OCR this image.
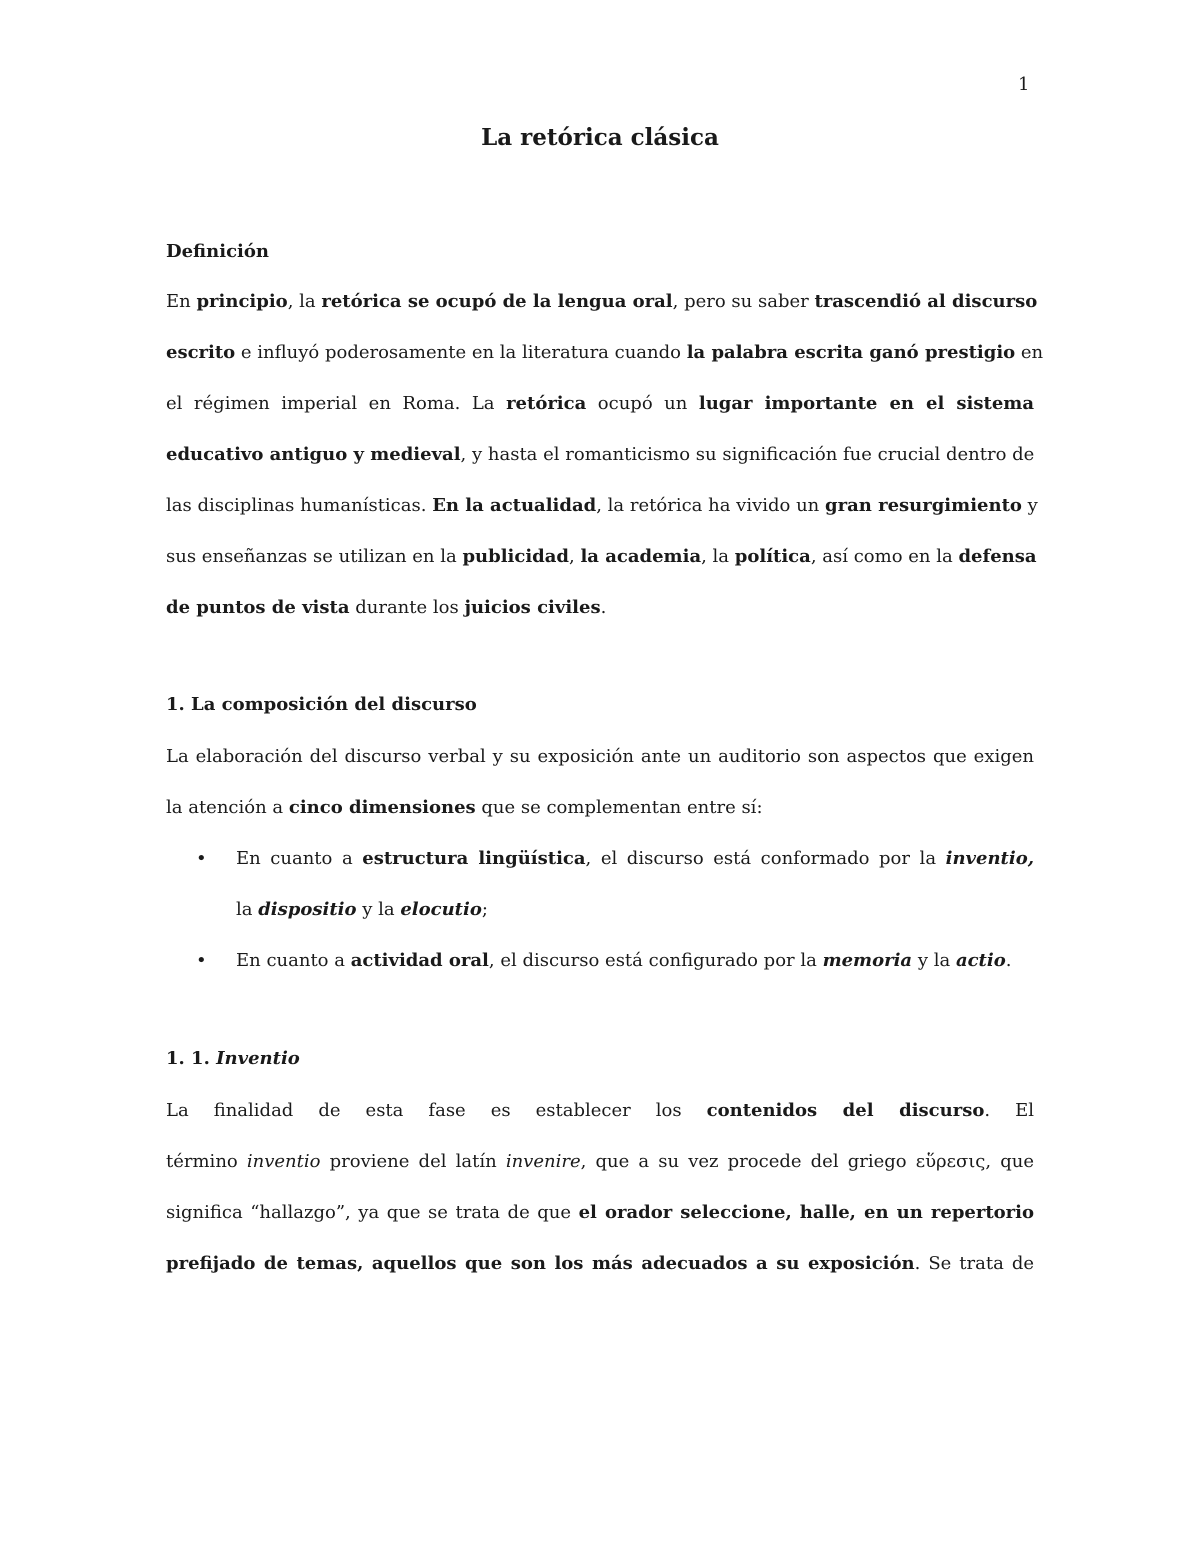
1
La retórica clásica
Definición
En principio, la retórica se ocupó de la lengua oral, pero su saber trascendió al discurso
escrito e influyó poderosamente en la literatura cuando la palabra escrita ganó prestigio en
el régimen imperial en Roma. La retórica ocupó un lugar importante en el sistema
educativo antiguo y medieval, y hasta el romanticismo su significación fue crucial dentro de
las disciplinas humanísticas. En la actualidad, la retórica ha vivido un gran resurgimiento y
sus enseñanzas se utilizan en la publicidad, la academia, la política, así como en la defensa
de puntos de vista durante los juicios civiles.
1. La composición del discurso
La elaboración del discurso verbal y su exposición ante un auditorio son aspectos que exigen
la atención a cinco dimensiones que se complementan entre sí:
• En cuanto a estructura lingüística, el discurso está conformado por la inventio,
la dispositio y la elocutio;
• En cuanto a actividad oral, el discurso está configurado por la memoria y la actio.
1. 1. Inventio
La finalidad de esta fase es establecer los contenidos del discurso. El
término inventio proviene del latín invenire, que a su vez procede del griego εὕρεσις, que
significa “hallazgo”, ya que se trata de que el orador seleccione, halle, en un repertorio
prefijado de temas, aquellos que son los más adecuados a su exposición. Se trata de
